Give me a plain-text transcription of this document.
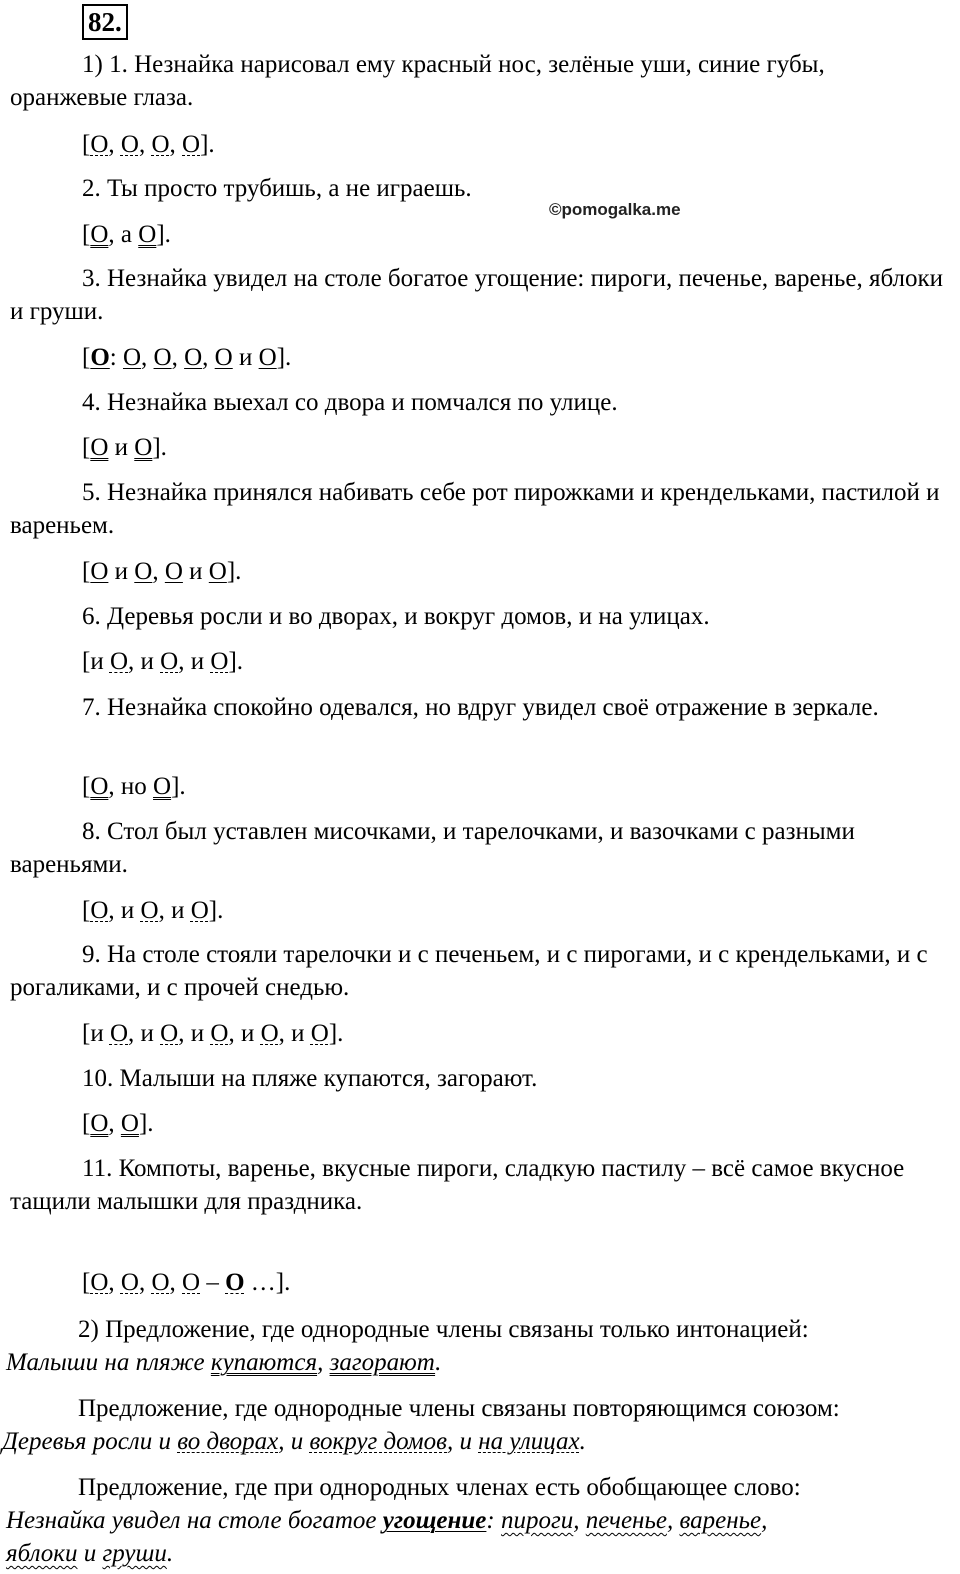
82.
©pomogalka.me
1) 1. Незнайка нарисовал ему красный нос, зелёные уши, синие губы, оранжевые глаза.
[О, О, О, О].
2. Ты просто трубишь, а не играешь.
[О, а О].
3. Незнайка увидел на столе богатое угощение: пироги, печенье, варенье, яблоки и груши.
[О: О, О, О, О и О].
4. Незнайка выехал со двора и помчался по улице.
[О и О].
5. Незнайка принялся набивать себе рот пирожками и крендельками, пастилой и вареньем.
[О и О, О и О].
6. Деревья росли и во дворах, и вокруг домов, и на улицах.
[и О, и О, и О].
7. Незнайка спокойно одевался, но вдруг увидел своё отражение в зеркале.
[О, но О].
8. Стол был уставлен мисочками, и тарелочками, и вазочками с разными вареньями.
[О, и О, и О].
9. На столе стояли тарелочки и с печеньем, и с пирогами, и с крендельками, и с рогаликами, и с прочей снедью.
[и О, и О, и О, и О, и О].
10. Малыши на пляже купаются, загорают.
[О, О].
11. Компоты, варенье, вкусные пироги, сладкую пастилу – всё самое вкусное тащили малышки для праздника.
[О, О, О, О – О …].
2) Предложение, где однородные члены связаны только интонацией:
Малыши на пляже купаются, загорают.
Предложение, где однородные члены связаны повторяющимся союзом:
Деревья росли и во дворах, и вокруг домов, и на улицах.
Предложение, где при однородных членах есть обобщающее слово:
Незнайка увидел на столе богатое угощение: пироги, печенье, варенье,
яблоки и груши.
